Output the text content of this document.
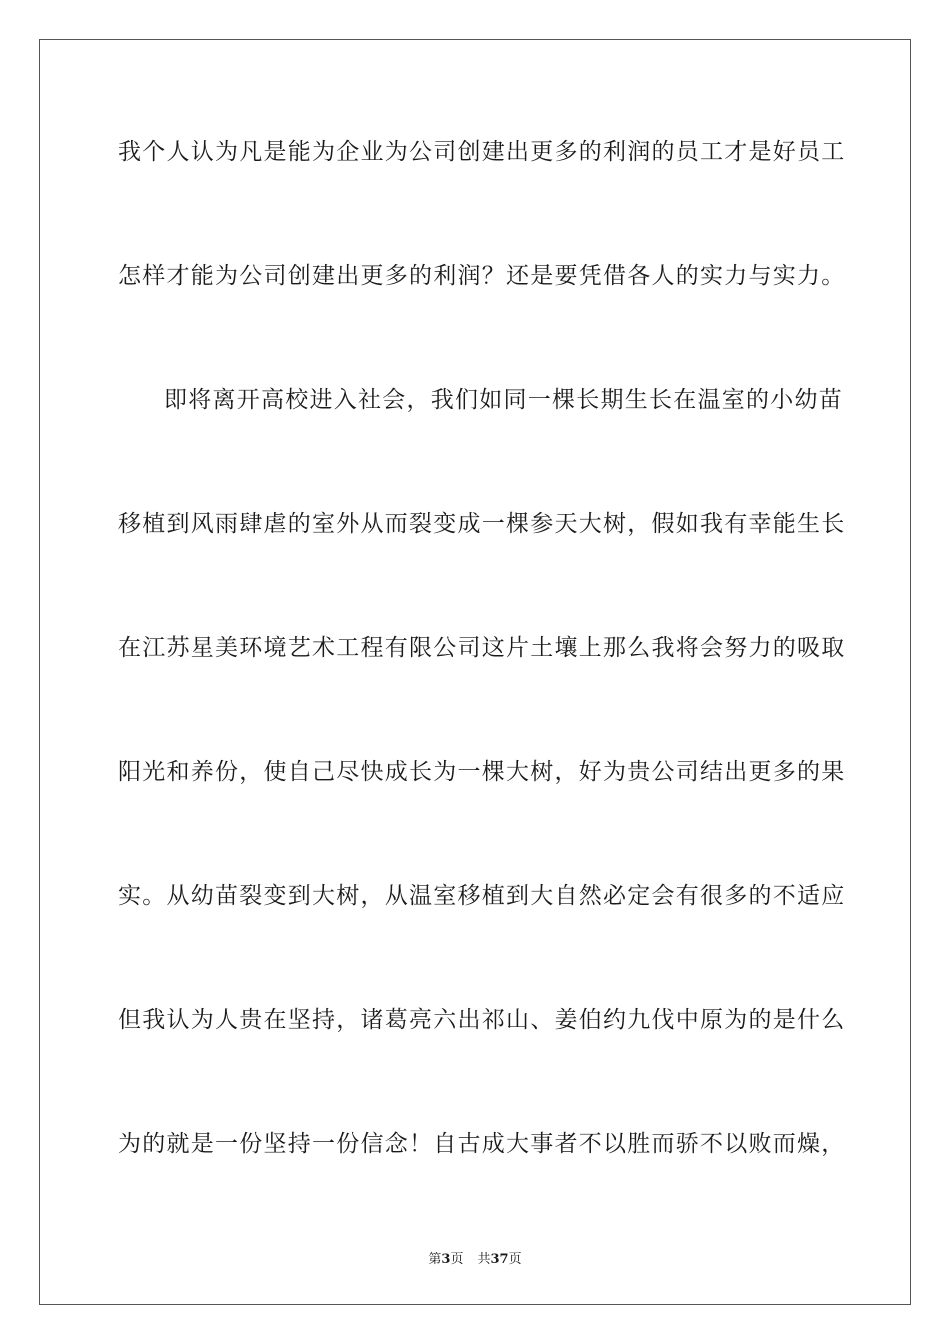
我个人认为凡是能为企业为公司创建出更多的利润的员工才是好员工
怎样才能为公司创建出更多的利润？还是要凭借各人的实力与实力。
即将离开高校进入社会，我们如同一棵长期生长在温室的小幼苗
移植到风雨肆虐的室外从而裂变成一棵参天大树，假如我有幸能生长
在江苏星美环境艺术工程有限公司这片土壤上那么我将会努力的吸取
阳光和养份，使自己尽快成长为一棵大树，好为贵公司结出更多的果
实。从幼苗裂变到大树，从温室移植到大自然必定会有很多的不适应
但我认为人贵在坚持，诸葛亮六出祁山、姜伯约九伐中原为的是什么
为的就是一份坚持一份信念！自古成大事者不以胜而骄不以败而燥，
第3页 共37页
